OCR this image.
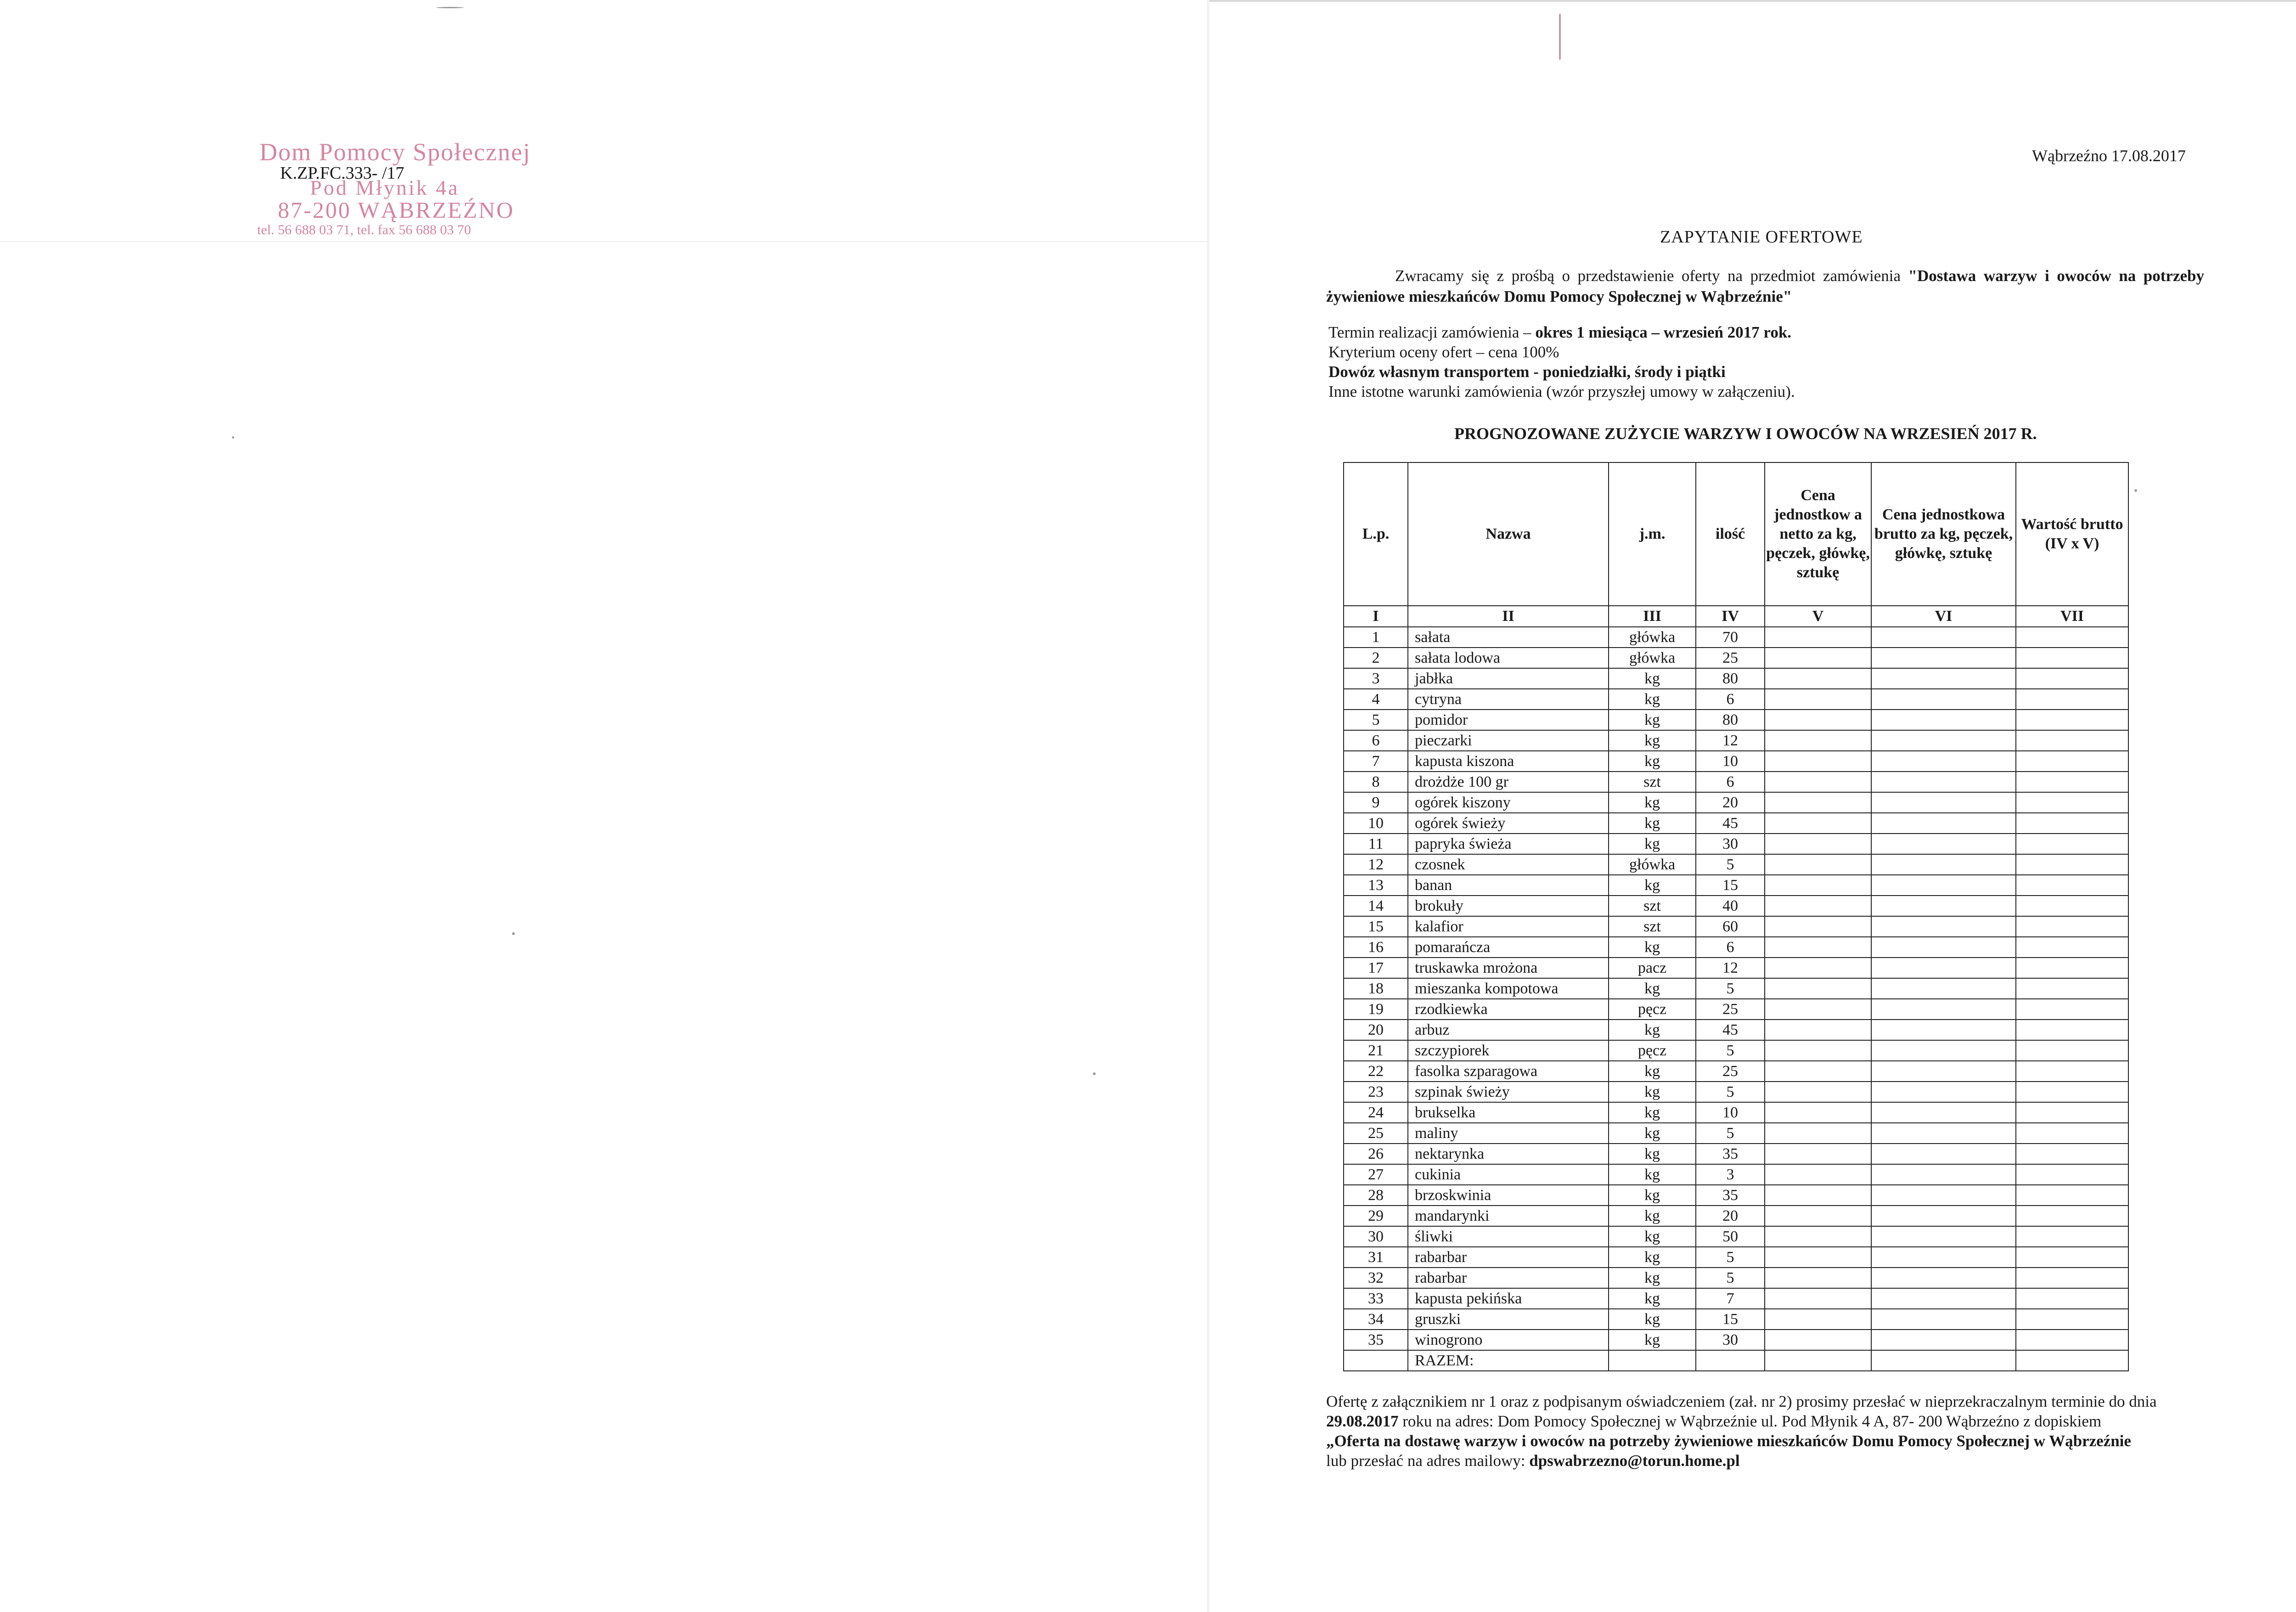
Dom Pomocy Społecznej
Pod Młynik 4a
87-200 WĄBRZEŹNO
tel. 56 688 03 71, tel. fax 56 688 03 70
K.ZP.FC.333- /17
Wąbrzeźno 17.08.2017
ZAPYTANIE OFERTOWE
Zwracamy się z prośbą o przedstawienie oferty na przedmiot zamówienia "Dostawa warzyw i owoców na potrzeby żywieniowe mieszkańców Domu Pomocy Społecznej w Wąbrzeźnie"
Termin realizacji zamówienia – okres 1 miesiąca – wrzesień 2017 rok.
Kryterium oceny ofert – cena 100%
Dowóz własnym transportem - poniedziałki, środy i piątki
Inne istotne warunki zamówienia (wzór przyszłej umowy w załączeniu).
PROGNOZOWANE ZUŻYCIE WARZYW I OWOCÓW NA WRZESIEŃ 2017 R.
L.p.	Nazwa	j.m.	ilość	Cena jednostkow a netto za kg, pęczek, główkę, sztukę	Cena jednostkowa brutto za kg, pęczek, główkę, sztukę	Wartość brutto (IV x V)
I	II	III	IV	V	VI	VII
1	sałata	główka	70			
2	sałata lodowa	główka	25			
3	jabłka	kg	80			
4	cytryna	kg	6			
5	pomidor	kg	80			
6	pieczarki	kg	12			
7	kapusta kiszona	kg	10			
8	drożdże 100 gr	szt	6			
9	ogórek kiszony	kg	20			
10	ogórek świeży	kg	45			
11	papryka świeża	kg	30			
12	czosnek	główka	5			
13	banan	kg	15			
14	brokuły	szt	40			
15	kalafior	szt	60			
16	pomarańcza	kg	6			
17	truskawka mrożona	pacz	12			
18	mieszanka kompotowa	kg	5			
19	rzodkiewka	pęcz	25			
20	arbuz	kg	45			
21	szczypiorek	pęcz	5			
22	fasolka szparagowa	kg	25			
23	szpinak świeży	kg	5			
24	brukselka	kg	10			
25	maliny	kg	5			
26	nektarynka	kg	35			
27	cukinia	kg	3			
28	brzoskwinia	kg	35			
29	mandarynki	kg	20			
30	śliwki	kg	50			
31	rabarbar	kg	5			
32	rabarbar	kg	5			
33	kapusta pekińska	kg	7			
34	gruszki	kg	15			
35	winogrono	kg	30			
	RAZEM:					
Ofertę z załącznikiem nr 1 oraz z podpisanym oświadczeniem (zał. nr 2) prosimy przesłać w nieprzekraczalnym terminie do dnia 29.08.2017 roku na adres: Dom Pomocy Społecznej w Wąbrzeźnie ul. Pod Młynik 4 A, 87- 200 Wąbrzeźno z dopiskiem
„Oferta na dostawę warzyw i owoców na potrzeby żywieniowe mieszkańców Domu Pomocy Społecznej w Wąbrzeźnie
lub przesłać na adres mailowy: dpswabrzezno@torun.home.pl
